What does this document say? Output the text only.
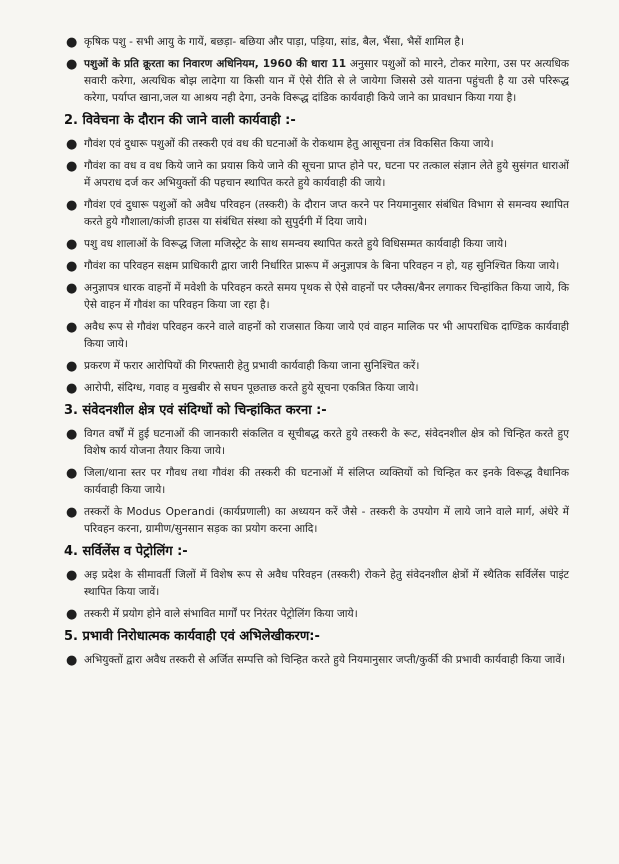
● कृषिक पशु - सभी आयु के गायें, बछड़ा- बछिया और पाड़ा, पड़िया, सांड, बैल, भैंसा, भैसें शामिल है।
● पशुओं के प्रति क्रूरता का निवारण अधिनियम, 1960 की धारा 11 अनुसार पशुओं को मारने, टोकर मारेगा, उस पर अत्यधिक सवारी करेगा, अत्यधिक बोझ लादेगा या किसी यान में ऐसे रीति से ले जायेगा जिससे उसे यातना पहुंचती है या उसे परिरूद्ध करेगा, पर्याप्त खाना,जल या आश्रय नही देगा, उनके विरूद्ध दांडिक कार्यवाही किये जाने का प्रावधान किया गया है।
2. विवेचना के दौरान की जाने वाली कार्यवाही :-
● गौवंश एवं दुधारू पशुओं की तस्करी एवं वध की घटनाओं के रोकथाम हेतु आसूचना तंत्र विकसित किया जाये।
● गौवंश का वध व वध किये जाने का प्रयास किये जाने की सूचना प्राप्त होने पर, घटना पर तत्काल संज्ञान लेते हुये सुसंगत धाराओं में अपराध दर्ज कर अभियुक्तों की पहचान स्थापित करते हुये कार्यवाही की जाये।
● गौवंश एवं दुधारू पशुओं को अवैध परिवहन (तस्करी) के दौरान जप्त करने पर नियमानुसार संबंधित विभाग से समन्वय स्थापित करते हुये गौशाला/कांजी हाउस या संबंधित संस्था को सुपुर्दगी में दिया जाये।
● पशु वध शालाओं के विरूद्ध जिला मजिस्ट्रेट के साथ समन्वय स्थापित करते हुये विधिसम्मत कार्यवाही किया जाये।
● गौवंश का परिवहन सक्षम प्राधिकारी द्वारा जारी निर्धारित प्रारूप में अनुज्ञापत्र के बिना परिवहन न हो, यह सुनिश्चित किया जाये।
● अनुज्ञापत्र धारक वाहनों में मवेशी के परिवहन करते समय पृथक से ऐसे वाहनों पर प्लैक्स/बैनर लगाकर चिन्हांकित किया जाये, कि ऐसे वाहन में गौवंश का परिवहन किया जा रहा है।
● अवैध रूप से गौवंश परिवहन करने वाले वाहनों को राजसात किया जाये एवं वाहन मालिक पर भी आपराधिक दाण्डिक कार्यवाही किया जाये।
● प्रकरण में फरार आरोपियों की गिरफ्तारी हेतु प्रभावी कार्यवाही किया जाना सुनिश्चित करें।
● आरोपी, संदिग्ध, गवाह व मुखबीर से सघन पूछताछ करते हुये सूचना एकत्रित किया जाये।
3. संवेदनशील क्षेत्र एवं संदिग्धों को चिन्हांकित करना :-
● विगत वर्षों में हुई घटनाओं की जानकारी संकलित व सूचीबद्ध करते हुये तस्करी के रूट, संवेदनशील क्षेत्र को चिन्हित करते हुए विशेष कार्य योजना तैयार किया जाये।
● जिला/थाना स्तर पर गौवध तथा गौवंश की तस्करी की घटनाओं में संलिप्त व्यक्तियों को चिन्हित कर इनके विरूद्ध वैधानिक कार्यवाही किया जाये।
● तस्करों के Modus Operandi (कार्यप्रणाली) का अध्ययन करें जैसे - तस्करी के उपयोग में लाये जाने वाले मार्ग, अंधेरे में परिवहन करना, ग्रामीण/सुनसान सड़क का प्रयोग करना आदि।
4. सर्विलेंस व पेट्रोलिंग :-
● अइ प्रदेश के सीमावर्ती जिलों में विशेष रूप से अवैध परिवहन (तस्करी) रोकने हेतु संवेदनशील क्षेत्रों में स्थैतिक सर्विलेंस पाइंट स्थापित किया जावें।
● तस्करी में प्रयोग होने वाले संभावित मार्गों पर निरंतर पेट्रोलिंग किया जाये।
5. प्रभावी निरोधात्मक कार्यवाही एवं अभिलेखीकरण:-
● अभियुक्तों द्वारा अवैध तस्करी से अर्जित सम्पत्ति को चिन्हित करते हुये नियमानुसार जप्ती/कुर्की की प्रभावी कार्यवाही किया जावें।
